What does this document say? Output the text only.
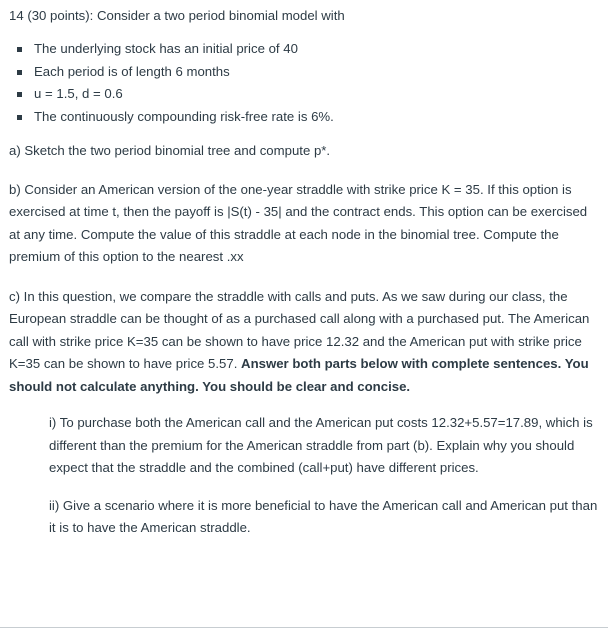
14 (30 points): Consider a two period binomial model with
The underlying stock has an initial price of 40
Each period is of length 6 months
u = 1.5, d = 0.6
The continuously compounding risk-free rate is 6%.

a) Sketch the two period binomial tree and compute p*.

b) Consider an American version of the one-year straddle with strike price K = 35. If this option is exercised at time t, then the payoff is |S(t) - 35| and the contract ends. This option can be exercised at any time. Compute the value of this straddle at each node in the binomial tree. Compute the premium of this option to the nearest .xx

c) In this question, we compare the straddle with calls and puts. As we saw during our class, the European straddle can be thought of as a purchased call along with a purchased put. The American call with strike price K=35 can be shown to have price 12.32 and the American put with strike price K=35 can be shown to have price 5.57. Answer both parts below with complete sentences. You should not calculate anything. You should be clear and concise.

i) To purchase both the American call and the American put costs 12.32+5.57=17.89, which is different than the premium for the American straddle from part (b). Explain why you should expect that the straddle and the combined (call+put) have different prices.

ii) Give a scenario where it is more beneficial to have the American call and American put than it is to have the American straddle.
